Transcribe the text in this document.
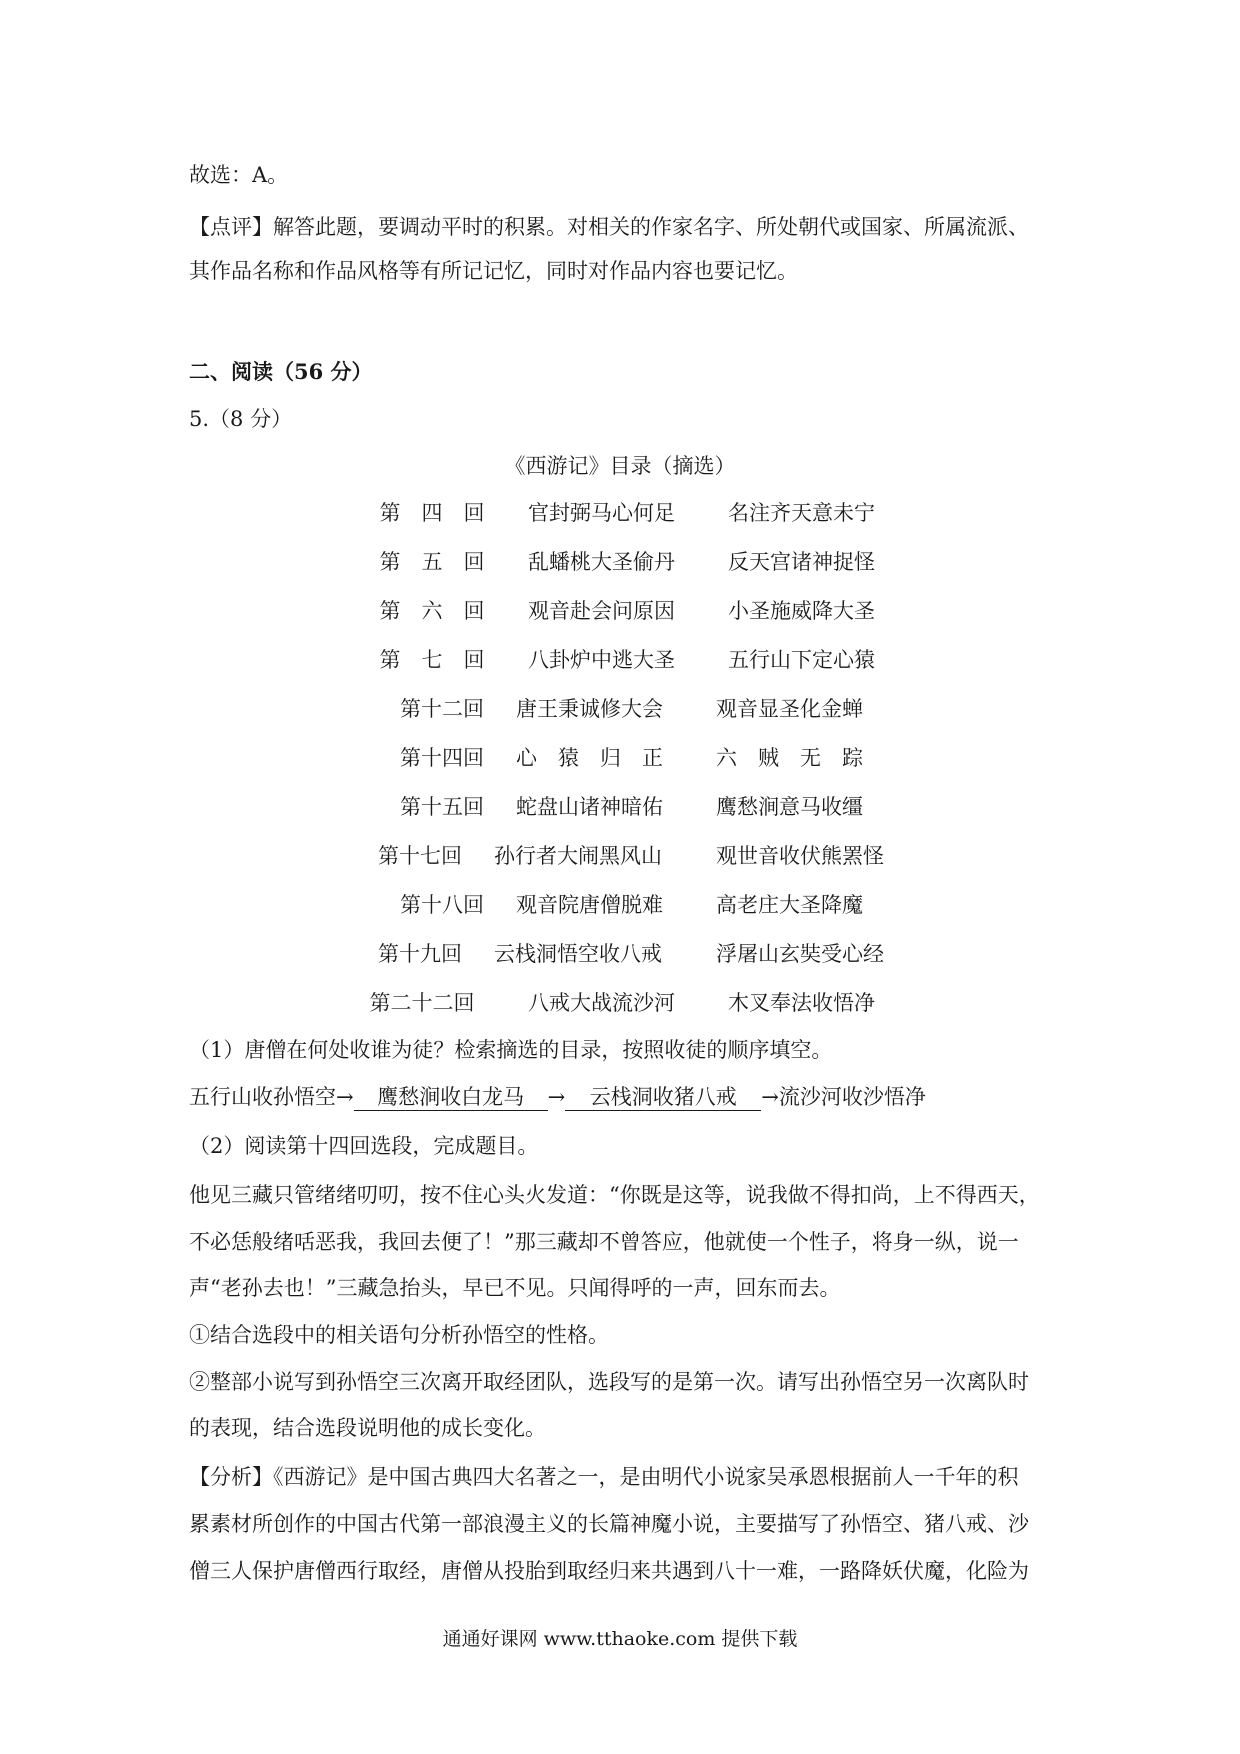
故选：A。
【点评】解答此题，要调动平时的积累。对相关的作家名字、所处朝代或国家、所属流派、
其作品名称和作品风格等有所记记忆，同时对作品内容也要记忆。
二、阅读（56 分）
5.（8 分）
《西游记》目录（摘选）
第　四　回	官封弼马心何足	名注齐天意未宁
第　五　回	乱蟠桃大圣偷丹	反天宫诸神捉怪
第　六　回	观音赴会问原因	小圣施威降大圣
第　七　回	八卦炉中逃大圣	五行山下定心猿
第十二回	唐王秉诚修大会	观音显圣化金蝉
第十四回	心　猿　归　正	六　贼　无　踪
第十五回	蛇盘山诸神暗佑	鹰愁涧意马收缰
第十七回	孙行者大闹黑风山	观世音收伏熊罴怪
第十八回	观音院唐僧脱难	高老庄大圣降魔
第十九回	云栈洞悟空收八戒	浮屠山玄奘受心经
第二十二回	八戒大战流沙河	木叉奉法收悟净
（1）唐僧在何处收谁为徒？检索摘选的目录，按照收徒的顺序填空。
五行山收孙悟空→ 鹰愁涧收白龙马 → 云栈洞收猪八戒 →流沙河收沙悟净
（2）阅读第十四回选段，完成题目。
他见三藏只管绪绪叨叨，按不住心头火发道：“你既是这等，说我做不得扣尚，上不得西天，
不必恁般绪咶恶我，我回去便了！”那三藏却不曾答应，他就使一个性子，将身一纵，说一
声“老孙去也！”三藏急抬头，早已不见。只闻得呼的一声，回东而去。
①结合选段中的相关语句分析孙悟空的性格。
②整部小说写到孙悟空三次离开取经团队，选段写的是第一次。请写出孙悟空另一次离队时
的表现，结合选段说明他的成长变化。
【分析】《西游记》是中国古典四大名著之一，是由明代小说家吴承恩根据前人一千年的积
累素材所创作的中国古代第一部浪漫主义的长篇神魔小说，主要描写了孙悟空、猪八戒、沙
僧三人保护唐僧西行取经，唐僧从投胎到取经归来共遇到八十一难，一路降妖伏魔，化险为
通通好课网 www.tthaoke.com 提供下载
